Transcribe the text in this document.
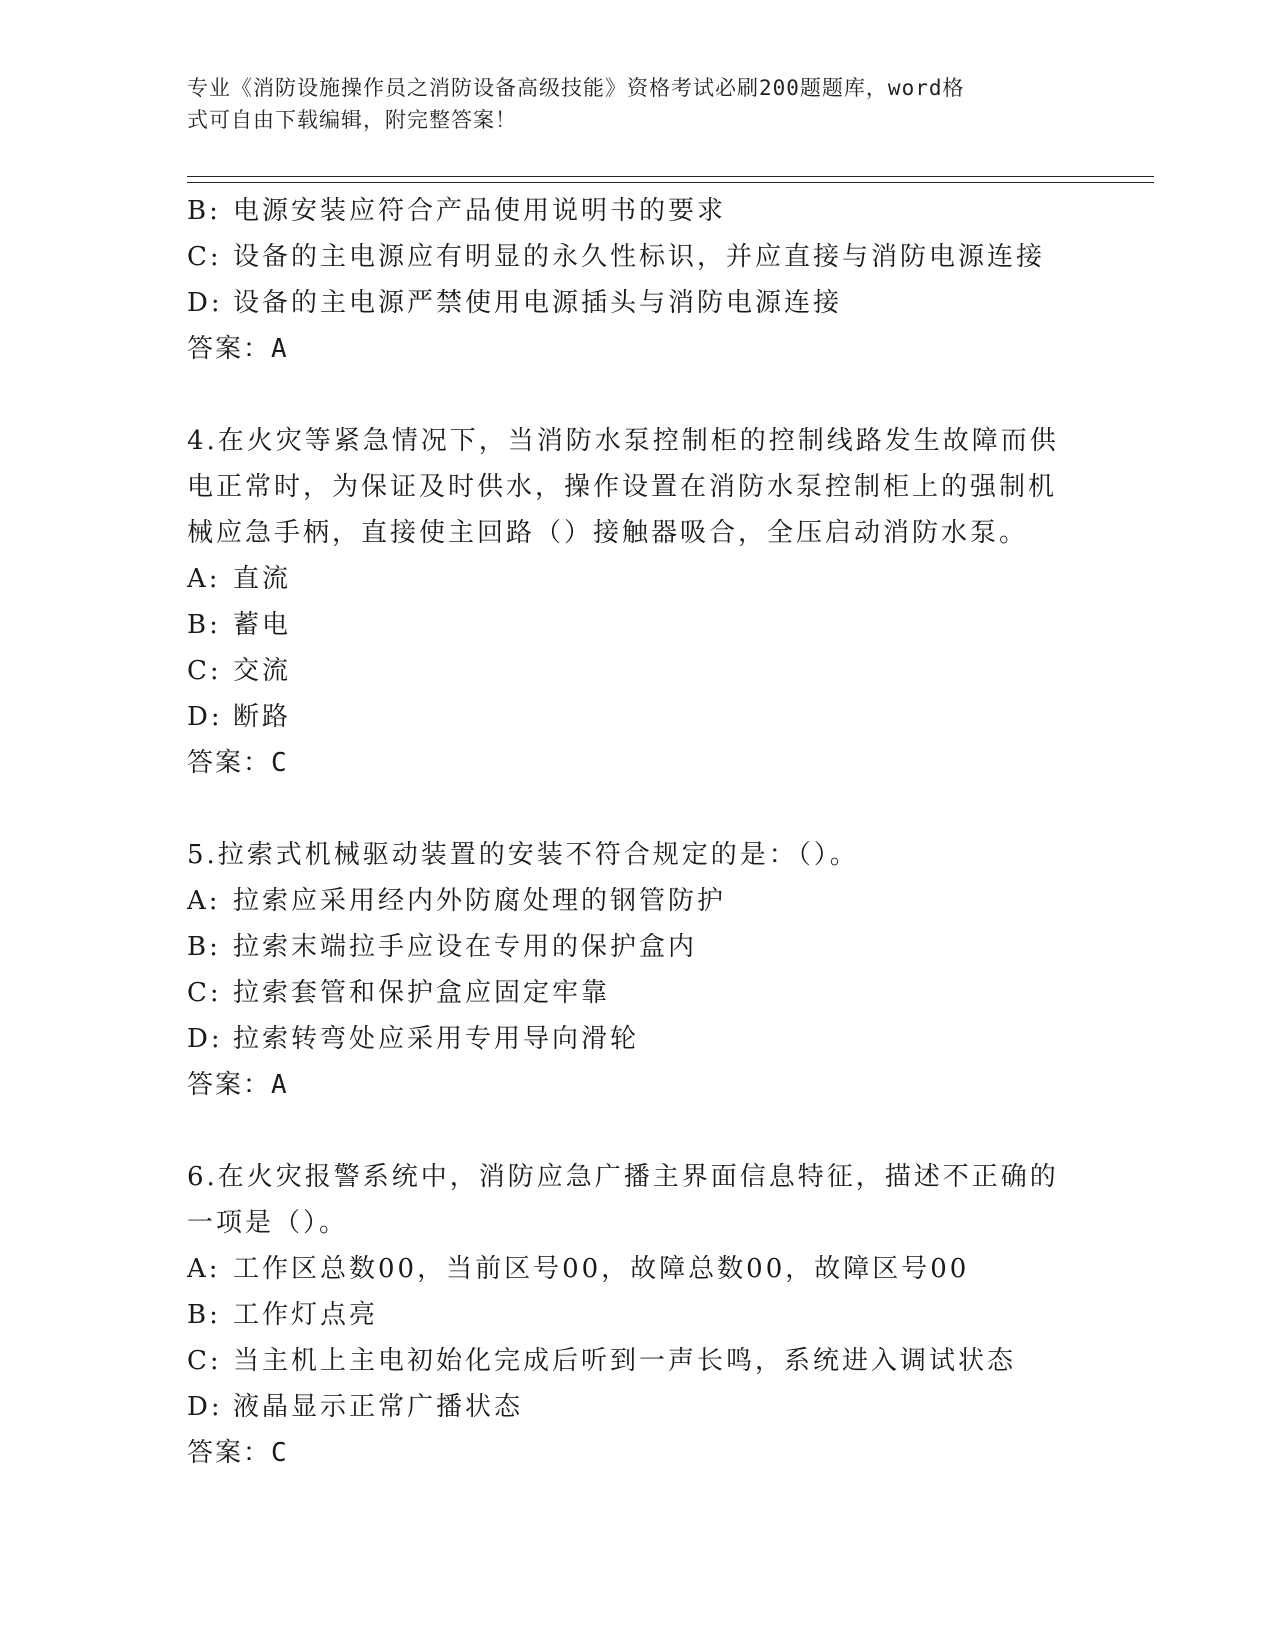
专业《消防设施操作员之消防设备高级技能》资格考试必刷200题题库，word格
式可自由下载编辑，附完整答案！
B: 电源安装应符合产品使用说明书的要求
C: 设备的主电源应有明显的永久性标识，并应直接与消防电源连接
D: 设备的主电源严禁使用电源插头与消防电源连接
答案：A
4.在火灾等紧急情况下，当消防水泵控制柜的控制线路发生故障而供
电正常时，为保证及时供水，操作设置在消防水泵控制柜上的强制机
械应急手柄，直接使主回路（）接触器吸合，全压启动消防水泵。
A: 直流
B: 蓄电
C: 交流
D: 断路
答案：C
5.拉索式机械驱动装置的安装不符合规定的是：（）。
A: 拉索应采用经内外防腐处理的钢管防护
B: 拉索末端拉手应设在专用的保护盒内
C: 拉索套管和保护盒应固定牢靠
D: 拉索转弯处应采用专用导向滑轮
答案：A
6.在火灾报警系统中，消防应急广播主界面信息特征，描述不正确的
一项是（）。
A: 工作区总数00，当前区号00，故障总数00，故障区号00
B: 工作灯点亮
C: 当主机上主电初始化完成后听到一声长鸣，系统进入调试状态
D: 液晶显示正常广播状态
答案：C
